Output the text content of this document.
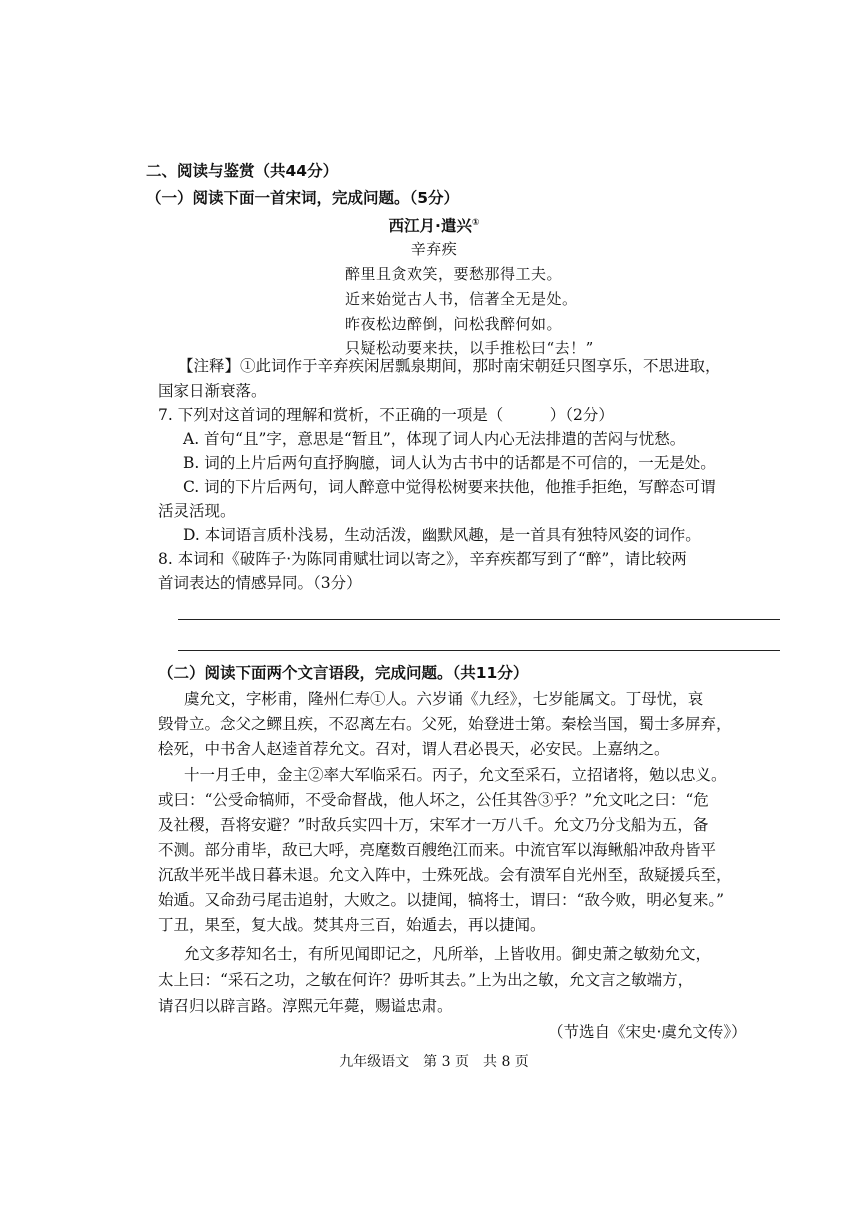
二、阅读与鉴赏（共44分）
（一）阅读下面一首宋词，完成问题。（5分）
西江月·遣兴①
辛弃疾
醉里且贪欢笑，要愁那得工夫。
近来始觉古人书，信著全无是处。
昨夜松边醉倒，问松我醉何如。
只疑松动要来扶，以手推松曰“去！”
【注释】①此词作于辛弃疾闲居瓢泉期间，那时南宋朝廷只图享乐，不思进取，
国家日渐衰落。
7. 下列对这首词的理解和赏析，不正确的一项是（　　　）（2分）
A. 首句“且”字，意思是“暂且”，体现了词人内心无法排遣的苦闷与忧愁。
B. 词的上片后两句直抒胸臆，词人认为古书中的话都是不可信的，一无是处。
C. 词的下片后两句，词人醉意中觉得松树要来扶他，他推手拒绝，写醉态可谓
活灵活现。
D. 本词语言质朴浅易，生动活泼，幽默风趣，是一首具有独特风姿的词作。
8. 本词和《破阵子·为陈同甫赋壮词以寄之》，辛弃疾都写到了“醉”，请比较两
首词表达的情感异同。（3分）
（二）阅读下面两个文言语段，完成问题。（共11分）
虞允文，字彬甫，隆州仁寿①人。六岁诵《九经》，七岁能属文。丁母忧，哀
毁骨立。念父之鳏且疾，不忍离左右。父死，始登进士第。秦桧当国，蜀士多屏弃，
桧死，中书舍人赵逵首荐允文。召对，谓人君必畏天，必安民。上嘉纳之。
十一月壬申，金主②率大军临采石。丙子，允文至采石，立招诸将，勉以忠义。
或曰：“公受命犒师，不受命督战，他人坏之，公任其咎③乎？”允文叱之曰：“危
及社稷，吾将安避？”时敌兵实四十万，宋军才一万八千。允文乃分戈船为五，备
不测。部分甫毕，敌已大呼，亮麾数百艘绝江而来。中流官军以海鳅船冲敌舟皆平
沉敌半死半战日暮未退。允文入阵中，士殊死战。会有溃军自光州至，敌疑援兵至，
始遁。又命劲弓尾击追射，大败之。以捷闻，犒将士，谓曰：“敌今败，明必复来。”
丁丑，果至，复大战。焚其舟三百，始遁去，再以捷闻。
允文多荐知名士，有所见闻即记之，凡所举，上皆收用。御史萧之敏劾允文，
太上曰：“采石之功，之敏在何许？毋听其去。”上为出之敏，允文言之敏端方，
请召归以辟言路。淳熙元年薨，赐谥忠肃。
（节选自《宋史·虞允文传》）
九年级语文　第 3 页　共 8 页
